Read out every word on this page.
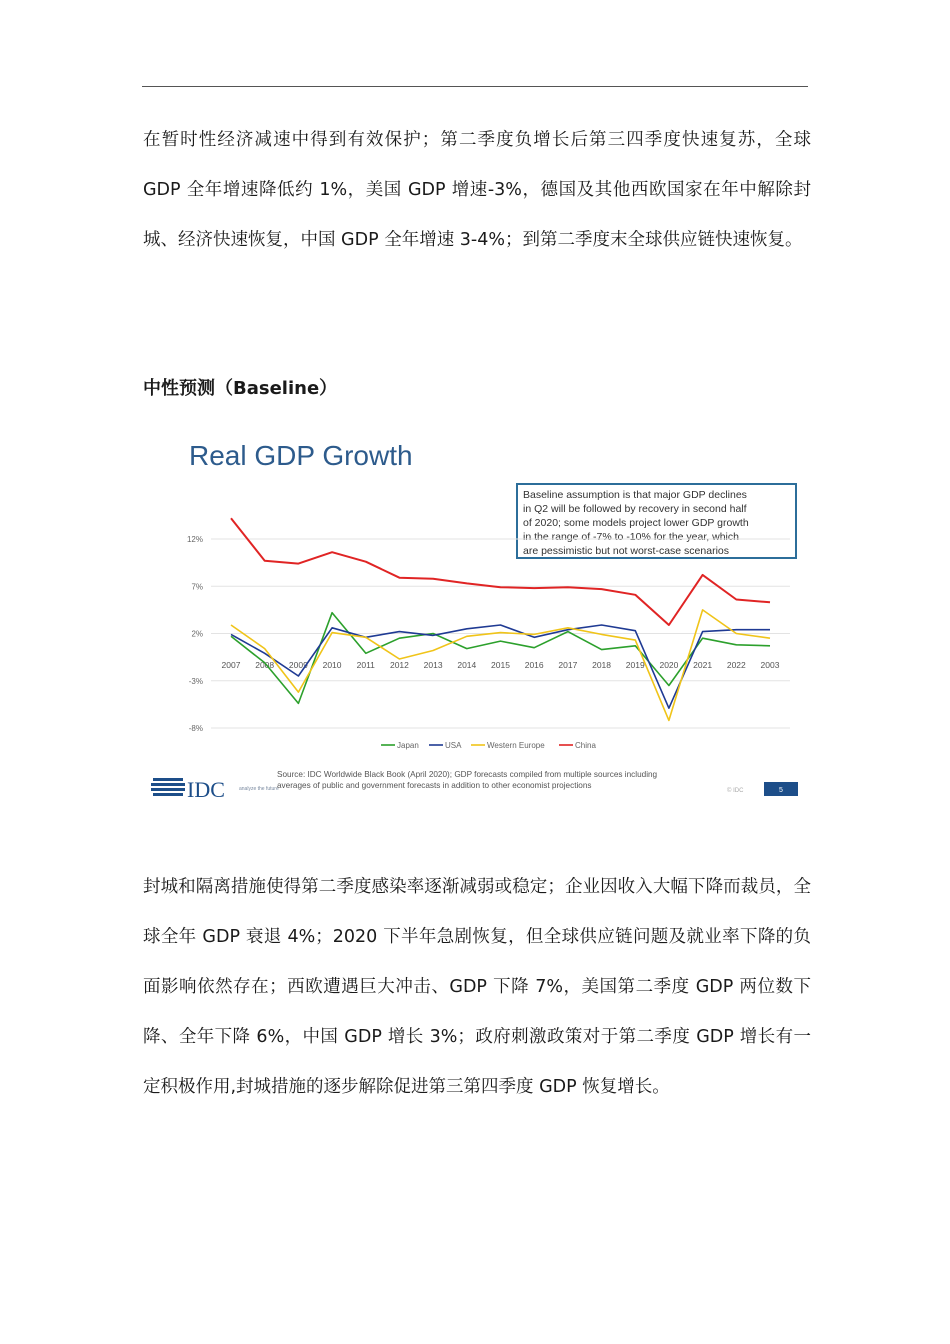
在暂时性经济减速中得到有效保护；第二季度负增长后第三四季度快速复苏，全球 GDP 全年增速降低约 1%，美国 GDP 增速-3%，德国及其他西欧国家在年中解除封城、经济快速恢复，中国 GDP 全年增速 3-4%；到第二季度末全球供应链快速恢复。

中性预测（Baseline）
Real GDP Growth
Baseline assumption is that major GDP declines
in Q2 will be followed by recovery in second half
of 2020; some models project lower GDP growth
in the range of -7% to -10% for the year, which
are pessimistic but not worst-case scenarios
12%
7%
2%
-3%
-8%
2007 2008 2009 2010 2011 2012 2013 2014 2015 2016 2017 2018 2019 2020 2021 2022 2003
Japan	USA	Western Europe	China
IDC	analyze the future
Source: IDC Worldwide Black Book (April 2020); GDP forecasts compiled from multiple sources including
averages of public and government forecasts in addition to other economist projections
© IDC	5

封城和隔离措施使得第二季度感染率逐渐减弱或稳定；企业因收入大幅下降而裁员，全球全年 GDP 衰退 4%；2020 下半年急剧恢复，但全球供应链问题及就业率下降的负面影响依然存在；西欧遭遇巨大冲击、GDP 下降 7%，美国第二季度 GDP 两位数下降、全年下降 6%，中国 GDP 增长 3%；政府刺激政策对于第二季度 GDP 增长有一定积极作用,封城措施的逐步解除促进第三第四季度 GDP 恢复增长。
